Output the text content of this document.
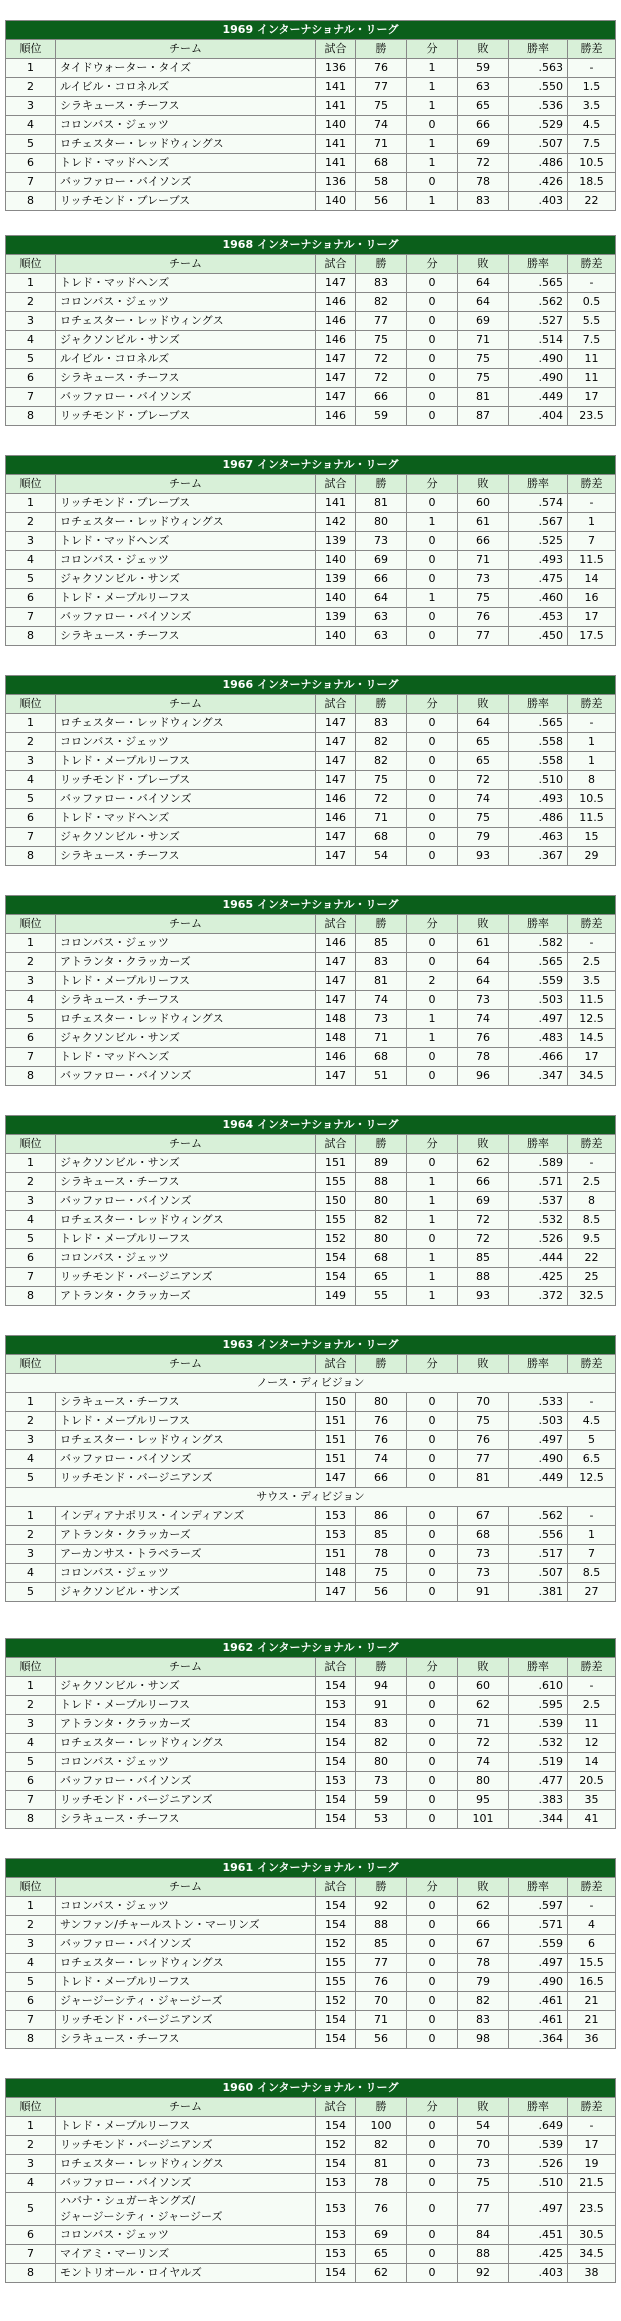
1969 インターナショナル・リーグ							
順位	チーム	試合	勝	分	敗	勝率	勝差
1	タイドウォーター・タイズ	136	76	1	59	.563	-
2	ルイビル・コロネルズ	141	77	1	63	.550	1.5
3	シラキュース・チーフス	141	75	1	65	.536	3.5
4	コロンバス・ジェッツ	140	74	0	66	.529	4.5
5	ロチェスター・レッドウィングス	141	71	1	69	.507	7.5
6	トレド・マッドヘンズ	141	68	1	72	.486	10.5
7	バッファロー・バイソンズ	136	58	0	78	.426	18.5
8	リッチモンド・ブレーブス	140	56	1	83	.403	22
1968 インターナショナル・リーグ							
順位	チーム	試合	勝	分	敗	勝率	勝差
1	トレド・マッドヘンズ	147	83	0	64	.565	-
2	コロンバス・ジェッツ	146	82	0	64	.562	0.5
3	ロチェスター・レッドウィングス	146	77	0	69	.527	5.5
4	ジャクソンビル・サンズ	146	75	0	71	.514	7.5
5	ルイビル・コロネルズ	147	72	0	75	.490	11
6	シラキュース・チーフス	147	72	0	75	.490	11
7	バッファロー・バイソンズ	147	66	0	81	.449	17
8	リッチモンド・ブレーブス	146	59	0	87	.404	23.5
1967 インターナショナル・リーグ							
順位	チーム	試合	勝	分	敗	勝率	勝差
1	リッチモンド・ブレーブス	141	81	0	60	.574	-
2	ロチェスター・レッドウィングス	142	80	1	61	.567	1
3	トレド・マッドヘンズ	139	73	0	66	.525	7
4	コロンバス・ジェッツ	140	69	0	71	.493	11.5
5	ジャクソンビル・サンズ	139	66	0	73	.475	14
6	トレド・メープルリーフス	140	64	1	75	.460	16
7	バッファロー・バイソンズ	139	63	0	76	.453	17
8	シラキュース・チーフス	140	63	0	77	.450	17.5
1966 インターナショナル・リーグ							
順位	チーム	試合	勝	分	敗	勝率	勝差
1	ロチェスター・レッドウィングス	147	83	0	64	.565	-
2	コロンバス・ジェッツ	147	82	0	65	.558	1
3	トレド・メープルリーフス	147	82	0	65	.558	1
4	リッチモンド・ブレーブス	147	75	0	72	.510	8
5	バッファロー・バイソンズ	146	72	0	74	.493	10.5
6	トレド・マッドヘンズ	146	71	0	75	.486	11.5
7	ジャクソンビル・サンズ	147	68	0	79	.463	15
8	シラキュース・チーフス	147	54	0	93	.367	29
1965 インターナショナル・リーグ							
順位	チーム	試合	勝	分	敗	勝率	勝差
1	コロンバス・ジェッツ	146	85	0	61	.582	-
2	アトランタ・クラッカーズ	147	83	0	64	.565	2.5
3	トレド・メープルリーフス	147	81	2	64	.559	3.5
4	シラキュース・チーフス	147	74	0	73	.503	11.5
5	ロチェスター・レッドウィングス	148	73	1	74	.497	12.5
6	ジャクソンビル・サンズ	148	71	1	76	.483	14.5
7	トレド・マッドヘンズ	146	68	0	78	.466	17
8	バッファロー・バイソンズ	147	51	0	96	.347	34.5
1964 インターナショナル・リーグ							
順位	チーム	試合	勝	分	敗	勝率	勝差
1	ジャクソンビル・サンズ	151	89	0	62	.589	-
2	シラキュース・チーフス	155	88	1	66	.571	2.5
3	バッファロー・バイソンズ	150	80	1	69	.537	8
4	ロチェスター・レッドウィングス	155	82	1	72	.532	8.5
5	トレド・メープルリーフス	152	80	0	72	.526	9.5
6	コロンバス・ジェッツ	154	68	1	85	.444	22
7	リッチモンド・バージニアンズ	154	65	1	88	.425	25
8	アトランタ・クラッカーズ	149	55	1	93	.372	32.5
1963 インターナショナル・リーグ							
順位	チーム	試合	勝	分	敗	勝率	勝差
ノース・ディビジョン							
1	シラキュース・チーフス	150	80	0	70	.533	-
2	トレド・メープルリーフス	151	76	0	75	.503	4.5
3	ロチェスター・レッドウィングス	151	76	0	76	.497	5
4	バッファロー・バイソンズ	151	74	0	77	.490	6.5
5	リッチモンド・バージニアンズ	147	66	0	81	.449	12.5
サウス・ディビジョン							
1	インディアナポリス・インディアンズ	153	86	0	67	.562	-
2	アトランタ・クラッカーズ	153	85	0	68	.556	1
3	アーカンサス・トラベラーズ	151	78	0	73	.517	7
4	コロンバス・ジェッツ	148	75	0	73	.507	8.5
5	ジャクソンビル・サンズ	147	56	0	91	.381	27
1962 インターナショナル・リーグ							
順位	チーム	試合	勝	分	敗	勝率	勝差
1	ジャクソンビル・サンズ	154	94	0	60	.610	-
2	トレド・メープルリーフス	153	91	0	62	.595	2.5
3	アトランタ・クラッカーズ	154	83	0	71	.539	11
4	ロチェスター・レッドウィングス	154	82	0	72	.532	12
5	コロンバス・ジェッツ	154	80	0	74	.519	14
6	バッファロー・バイソンズ	153	73	0	80	.477	20.5
7	リッチモンド・バージニアンズ	154	59	0	95	.383	35
8	シラキュース・チーフス	154	53	0	101	.344	41
1961 インターナショナル・リーグ							
順位	チーム	試合	勝	分	敗	勝率	勝差
1	コロンバス・ジェッツ	154	92	0	62	.597	-
2	サンファン/チャールストン・マーリンズ	154	88	0	66	.571	4
3	バッファロー・バイソンズ	152	85	0	67	.559	6
4	ロチェスター・レッドウィングス	155	77	0	78	.497	15.5
5	トレド・メープルリーフス	155	76	0	79	.490	16.5
6	ジャージーシティ・ジャージーズ	152	70	0	82	.461	21
7	リッチモンド・バージニアンズ	154	71	0	83	.461	21
8	シラキュース・チーフス	154	56	0	98	.364	36
1960 インターナショナル・リーグ							
順位	チーム	試合	勝	分	敗	勝率	勝差
1	トレド・メープルリーフス	154	100	0	54	.649	-
2	リッチモンド・バージニアンズ	152	82	0	70	.539	17
3	ロチェスター・レッドウィングス	154	81	0	73	.526	19
4	バッファロー・バイソンズ	153	78	0	75	.510	21.5
5	ハバナ・シュガーキングズ/
ジャージーシティ・ジャージーズ	153	76	0	77	.497	23.5
6	コロンバス・ジェッツ	153	69	0	84	.451	30.5
7	マイアミ・マーリンズ	153	65	0	88	.425	34.5
8	モントリオール・ロイヤルズ	154	62	0	92	.403	38
